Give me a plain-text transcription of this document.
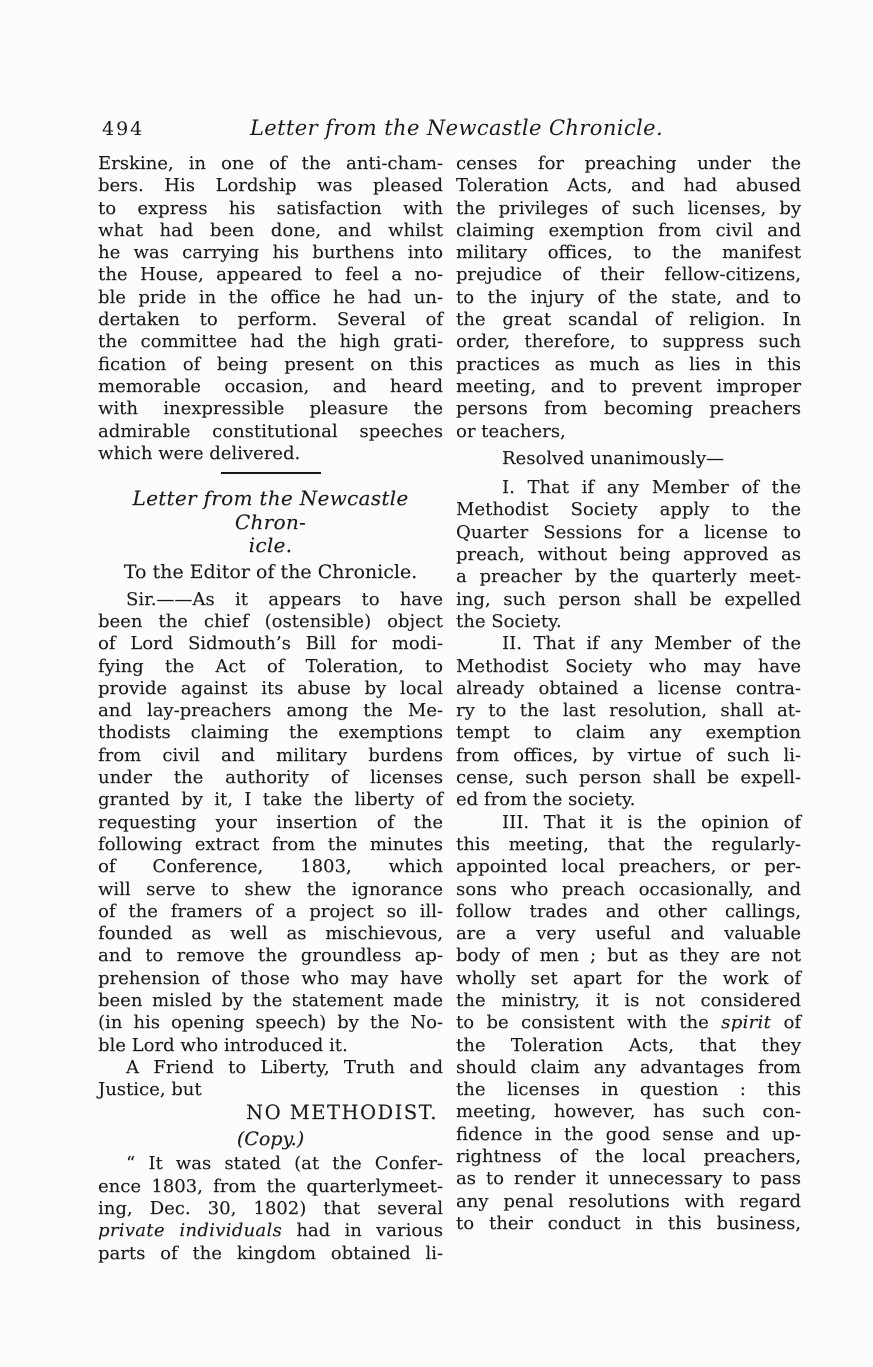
494	Letter from the Newcastle Chronicle.
Erskine, in one of the anti-cham-
bers. His Lordship was pleased
to express his satisfaction with
what had been done, and whilst
he was carrying his burthens into
the House, appeared to feel a no-
ble pride in the office he had un-
dertaken to perform. Several of
the committee had the high grati-
fication of being present on this
memorable occasion, and heard
with inexpressible pleasure the
admirable constitutional speeches
which were delivered.
Letter from the Newcastle Chron-
icle.
To the Editor of the Chronicle.
Sir.——As it appears to have
been the chief (ostensible) object
of Lord Sidmouth’s Bill for modi-
fying the Act of Toleration, to
provide against its abuse by local
and lay-preachers among the Me-
thodists claiming the exemptions
from civil and military burdens
under the authority of licenses
granted by it, I take the liberty of
requesting your insertion of the
following extract from the minutes
of Conference, 1803, which
will serve to shew the ignorance
of the framers of a project so ill-
founded as well as mischievous,
and to remove the groundless ap-
prehension of those who may have
been misled by the statement made
(in his opening speech) by the No-
ble Lord who introduced it.
A Friend to Liberty, Truth and
Justice, but
NO METHODIST.
(Copy.)
“ It was stated (at the Confer-
ence 1803, from the quarterlymeet-
ing, Dec. 30, 1802) that several
private individuals had in various
parts of the kingdom obtained li-
censes for preaching under the
Toleration Acts, and had abused
the privileges of such licenses, by
claiming exemption from civil and
military offices, to the manifest
prejudice of their fellow-citizens,
to the injury of the state, and to
the great scandal of religion. In
order, therefore, to suppress such
practices as much as lies in this
meeting, and to prevent improper
persons from becoming preachers
or teachers,
Resolved unanimously—
I. That if any Member of the
Methodist Society apply to the
Quarter Sessions for a license to
preach, without being approved as
a preacher by the quarterly meet-
ing, such person shall be expelled
the Society.
II. That if any Member of the
Methodist Society who may have
already obtained a license contra-
ry to the last resolution, shall at-
tempt to claim any exemption
from offices, by virtue of such li-
cense, such person shall be expell-
ed from the society.
III. That it is the opinion of
this meeting, that the regularly-
appointed local preachers, or per-
sons who preach occasionally, and
follow trades and other callings,
are a very useful and valuable
body of men ; but as they are not
wholly set apart for the work of
the ministry, it is not considered
to be consistent with the spirit of
the Toleration Acts, that they
should claim any advantages from
the licenses in question : this
meeting, however, has such con-
fidence in the good sense and up-
rightness of the local preachers,
as to render it unnecessary to pass
any penal resolutions with regard
to their conduct in this business,
